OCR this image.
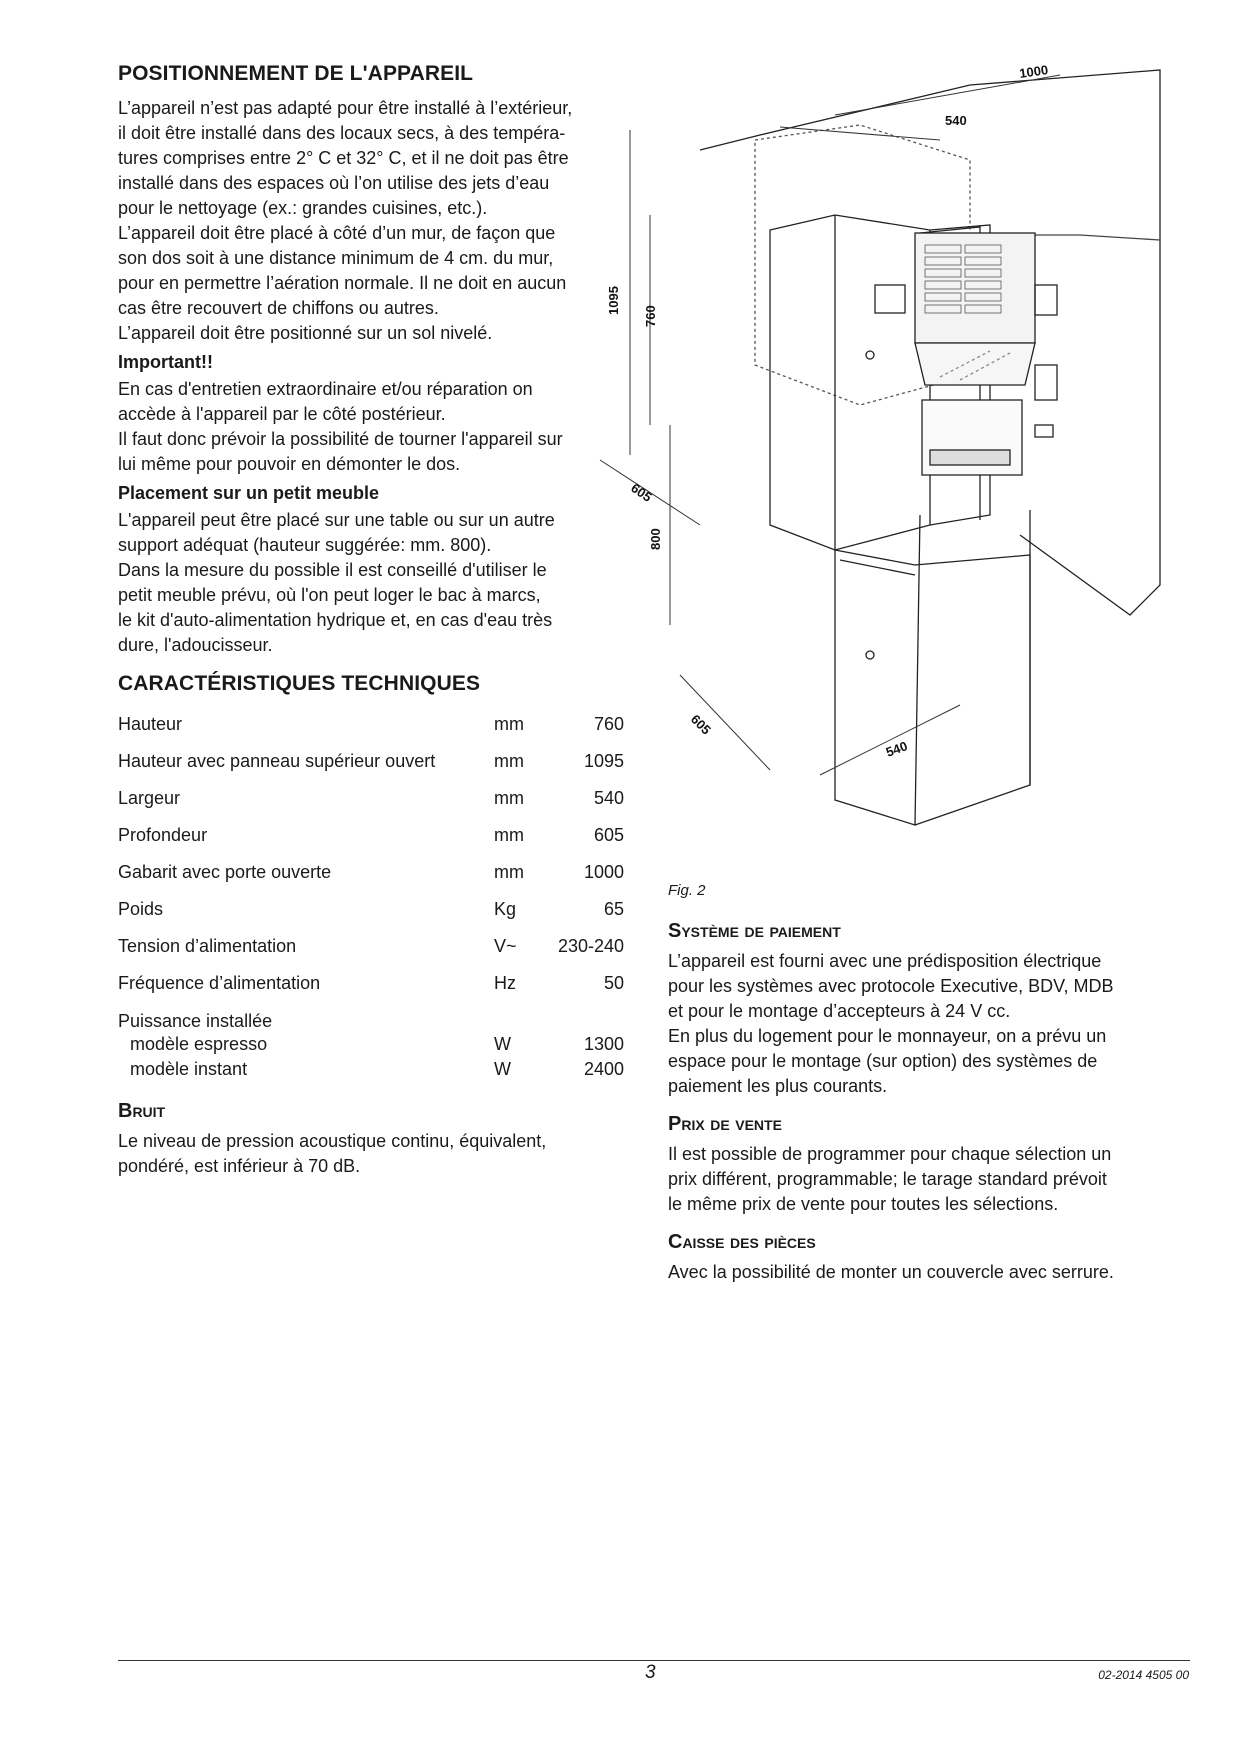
POSITIONNEMENT DE L'APPAREIL

L’appareil n’est pas adapté pour être installé à l’extérieur,
il doit être installé dans des locaux secs, à des tempéra-
tures comprises entre 2° C et 32° C, et il ne doit pas être
installé dans des espaces où l’on utilise des jets d’eau
pour le nettoyage (ex.: grandes cuisines, etc.).
L’appareil doit être placé à côté d’un mur, de façon que
son dos soit à une distance minimum de 4 cm. du mur,
pour en permettre l’aération normale. Il ne doit en aucun
cas être recouvert de chiffons ou autres.
L’appareil doit être positionné sur un sol nivelé.

Important!!

En cas d'entretien extraordinaire et/ou réparation on
accède à l'appareil par le côté postérieur.
Il faut donc prévoir la possibilité de tourner l'appareil sur
lui même pour pouvoir en démonter le dos.

Placement sur un petit meuble

L'appareil peut être placé sur une table ou sur un autre
support adéquat (hauteur suggérée: mm. 800).
Dans la mesure du possible il est conseillé d'utiliser le
petit meuble prévu, où l'on peut loger le bac à marcs,
le kit d'auto-alimentation hydrique et, en cas d'eau très
dure, l'adoucisseur.

CARACTÉRISTIQUES TECHNIQUES
Hauteur	mm	760
Hauteur avec panneau supérieur ouvert	mm	1095
Largeur	mm	540
Profondeur	mm	605
Gabarit avec porte ouverte	mm	1000
Poids	Kg	65
Tension d’alimentation	V~	230-240
Fréquence d’alimentation	Hz	50
Puissance installée		
modèle espresso	W	1300
modèle instant	W	2400
Bruit

Le niveau de pression acoustique continu, équivalent,
pondéré, est inférieur à 70 dB.

1000
540
1095
760
605
800
605
540
Fig. 2
Système de paiement

L’appareil est fourni avec une prédisposition électrique
pour les systèmes avec protocole Executive, BDV, MDB
et pour le montage d’accepteurs à 24 V cc.
En plus du logement pour le monnayeur, on a prévu un
espace pour le montage (sur option) des systèmes de
paiement les plus courants.

Prix de vente

Il est possible de programmer pour chaque sélection un
prix différent, programmable; le tarage standard prévoit
le même prix de vente pour toutes les sélections.

Caisse des pièces

Avec la possibilité de monter un couvercle avec serrure.

3	02-2014 4505 00
